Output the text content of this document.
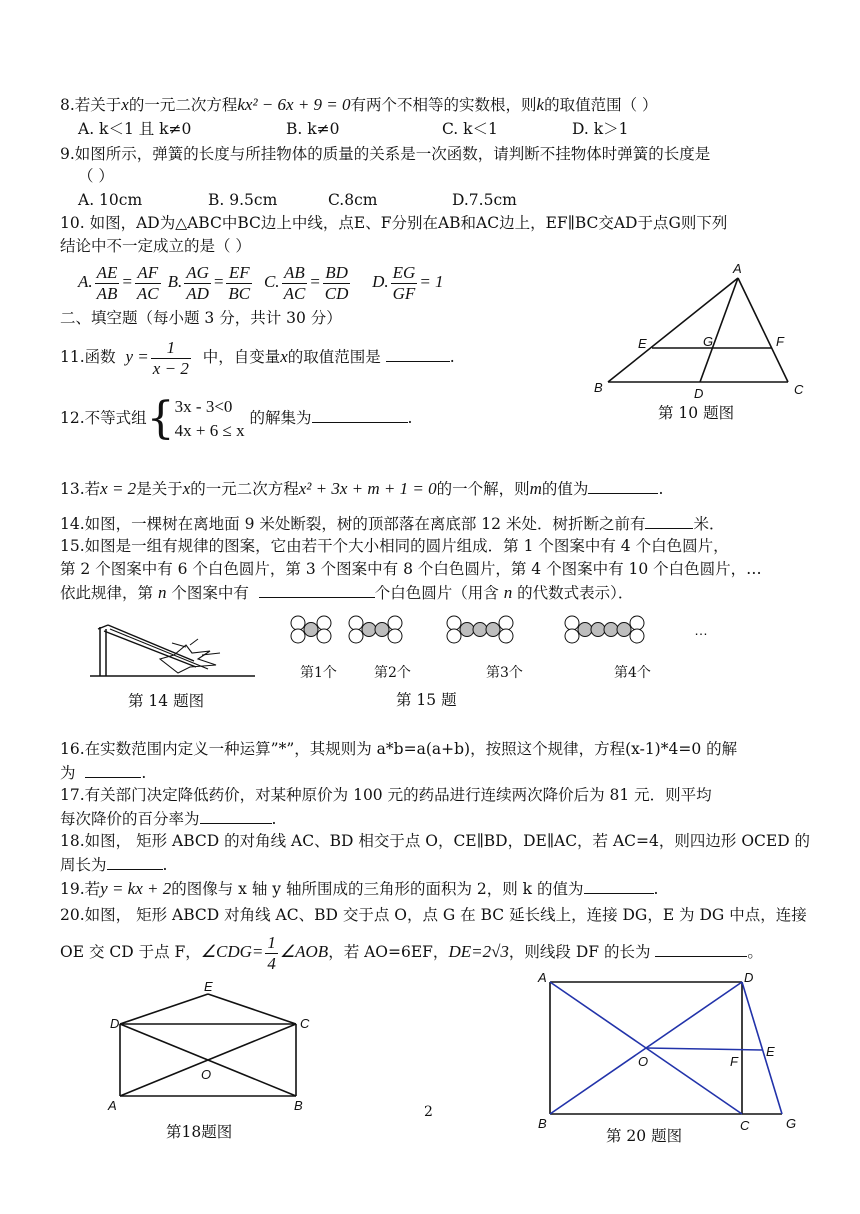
8.若关于x的一元二次方程kx² − 6x + 9 = 0有两个不相等的实数根，则k的取值范围（ ）
A. k＜1 且 k≠0	B. k≠0	C. k＜1	D. k＞1
9.如图所示，弹簧的长度与所挂物体的质量的关系是一次函数，请判断不挂物体时弹簧的长度是
（ ）
A. 10cm	B. 9.5cm	C.8cm	D.7.5cm
10. 如图，AD为△ABC中BC边上中线，点E、F分别在AB和AC边上，EF∥BC交AD于点G则下列
结论中不一定成立的是（ ）
A. $\frac{AE}{AB} = \frac{AF}{AC} B$. $\frac{AG}{AD} = \frac{EF}{BC} C$. $\frac{AB}{AC} = \frac{BD}{CD} D$. $\frac{EG}{GF} = 1$
A
E	G	F
B	D	C
第 10 题图
二、填空题（每小题 3 分，共计 30 分）
11.函数 $y = \frac{1}{x - 2}$ 中，自变量x的取值范围是	.
12.不等式组{ 3x - 3<0
4x + 6 ≤ x
的解集为	.
13.若x = 2是关于x的一元二次方程x² + 3x + m + 1 = 0的一个解，则m的值为	.
14.如图，一棵树在离地面 9 米处断裂，树的顶部落在离底部 12 米处．树折断之前有	米．
15.如图是一组有规律的图案，它由若干个大小相同的圆片组成．第 1 个图案中有 4 个白色圆片，
第 2 个图案中有 6 个白色圆片，第 3 个图案中有 8 个白色圆片，第 4 个图案中有 10 个白色圆片，…
依此规律，第 n 个图案中有	个白色圆片（用含 n 的代数式表示）．
第 14 题图
…
第1个	第2个	第3个	第4个
第 15 题
16.在实数范围内定义一种运算”*”，其规则为 a*b=a(a+b)，按照这个规律，方程(x-1)*4=0 的解
为	.
17.有关部门决定降低药价，对某种原价为 100 元的药品进行连续两次降价后为 81 元．则平均
每次降价的百分率为	.
18.如图， 矩形 ABCD 的对角线 AC、BD 相交于点 O，CE∥BD，DE∥AC，若 AC=4，则四边形 OCED 的
周长为	.
19.若y = kx + 2的图像与 x 轴 y 轴所围成的三角形的面积为 2，则 k 的值为	.
20.如图， 矩形 ABCD 对角线 AC、BD 交于点 O，点 G 在 BC 延长线上，连接 DG，E 为 DG 中点，连接
OE 交 CD 于点 F，∠CDG= $\frac{1}{4}$ ∠AOB，若 AO=6EF，DE=2√3，则线段 DF 的长为	。
E
D	C
O
A	B
第18题图
A	D
O	F
E
B	C	G
第 20 题图
2
